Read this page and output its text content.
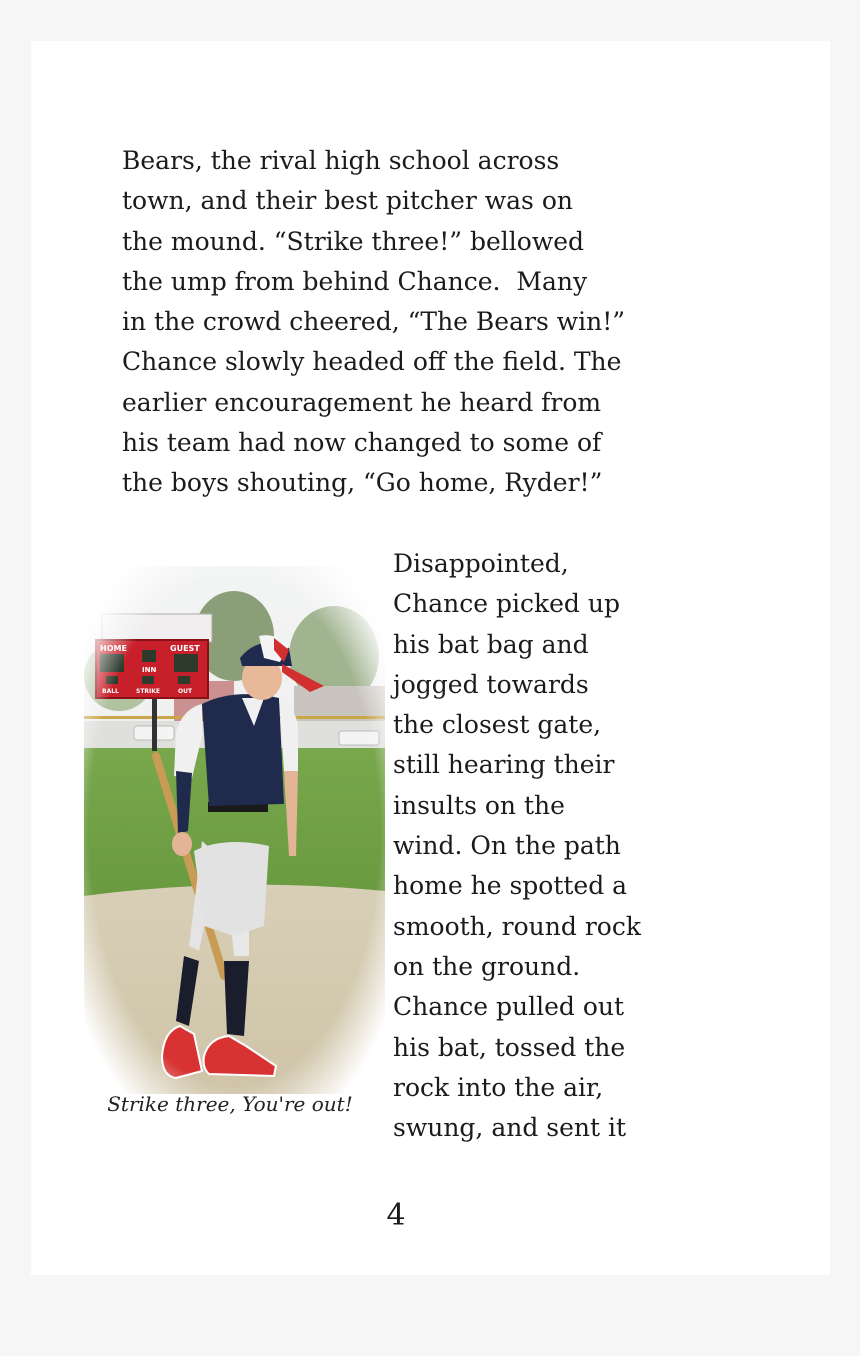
Bears, the rival high school across
town, and their best pitcher was on
the mound. “Strike three!” bellowed
the ump from behind Chance.  Many
in the crowd cheered, “The Bears win!”
Chance slowly headed off the field. The
earlier encouragement he heard from
his team had now changed to some of
the boys shouting, “Go home, Ryder!”

Strike three, You're out!

Disappointed,
Chance picked up
his bat bag and
jogged towards
the closest gate,
still hearing their
insults on the
wind. On the path
home he spotted a
smooth, round rock
on the ground.
Chance pulled out
his bat, tossed the
rock into the air,
swung, and sent it

4
